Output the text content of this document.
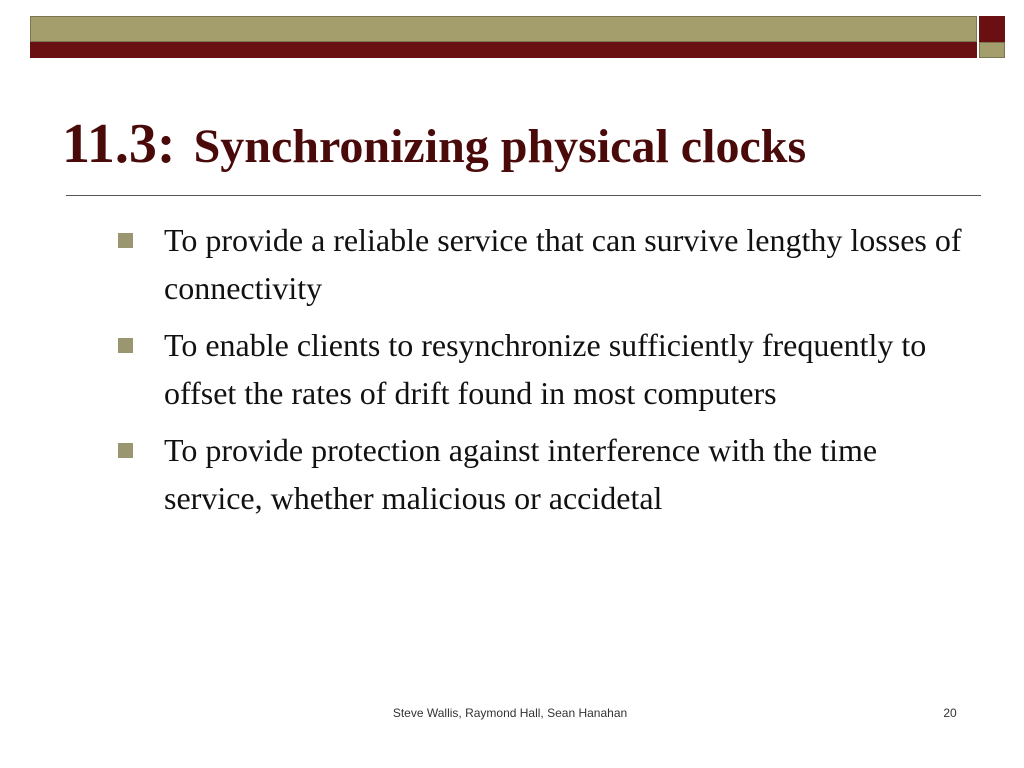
11.3: Synchronizing physical clocks
To provide a reliable service that can survive lengthy losses of connectivity
To enable clients to resynchronize sufficiently frequently to offset the rates of drift found in most computers
To provide protection against interference with the time service, whether malicious or accidetal
Steve Wallis, Raymond Hall, Sean Hanahan	20
